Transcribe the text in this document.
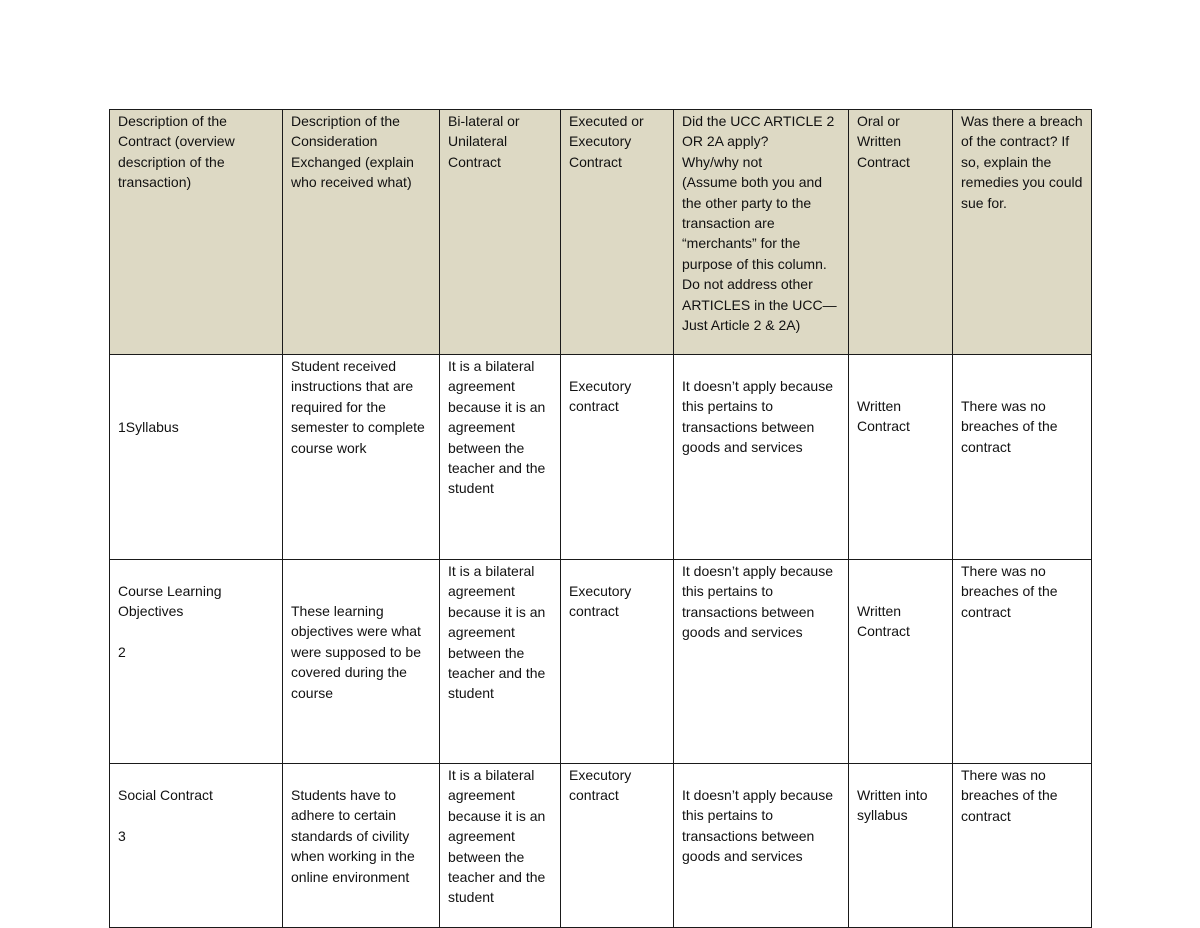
Description of the Contract (overview description of the transaction)	Description of the Consideration Exchanged (explain who received what)	Bi-lateral or Unilateral Contract	Executed or Executory Contract	Did the UCC ARTICLE 2 OR 2A apply?
Why/why not
(Assume both you and the other party to the transaction are “merchants” for the purpose of this column. Do not address other ARTICLES in the UCC—Just Article 2 & 2A)	Oral or Written Contract	Was there a breach of the contract? If so, explain the remedies you could sue for.
1Syllabus	Student received instructions that are required for the semester to complete course work	It is a bilateral agreement because it is an agreement between the teacher and the student	Executory contract	It doesn’t apply because this pertains to transactions between goods and services	Written Contract	There was no breaches of the contract
Course Learning Objectives

2	These learning objectives were what were supposed to be covered during the course	It is a bilateral agreement because it is an agreement between the teacher and the student	Executory contract	It doesn’t apply because this pertains to transactions between goods and services	Written Contract	There was no breaches of the contract
Social Contract

3	Students have to adhere to certain standards of civility when working in the online environment	It is a bilateral agreement because it is an agreement between the teacher and the student	Executory contract	It doesn’t apply because this pertains to transactions between goods and services	Written into syllabus	There was no breaches of the contract
